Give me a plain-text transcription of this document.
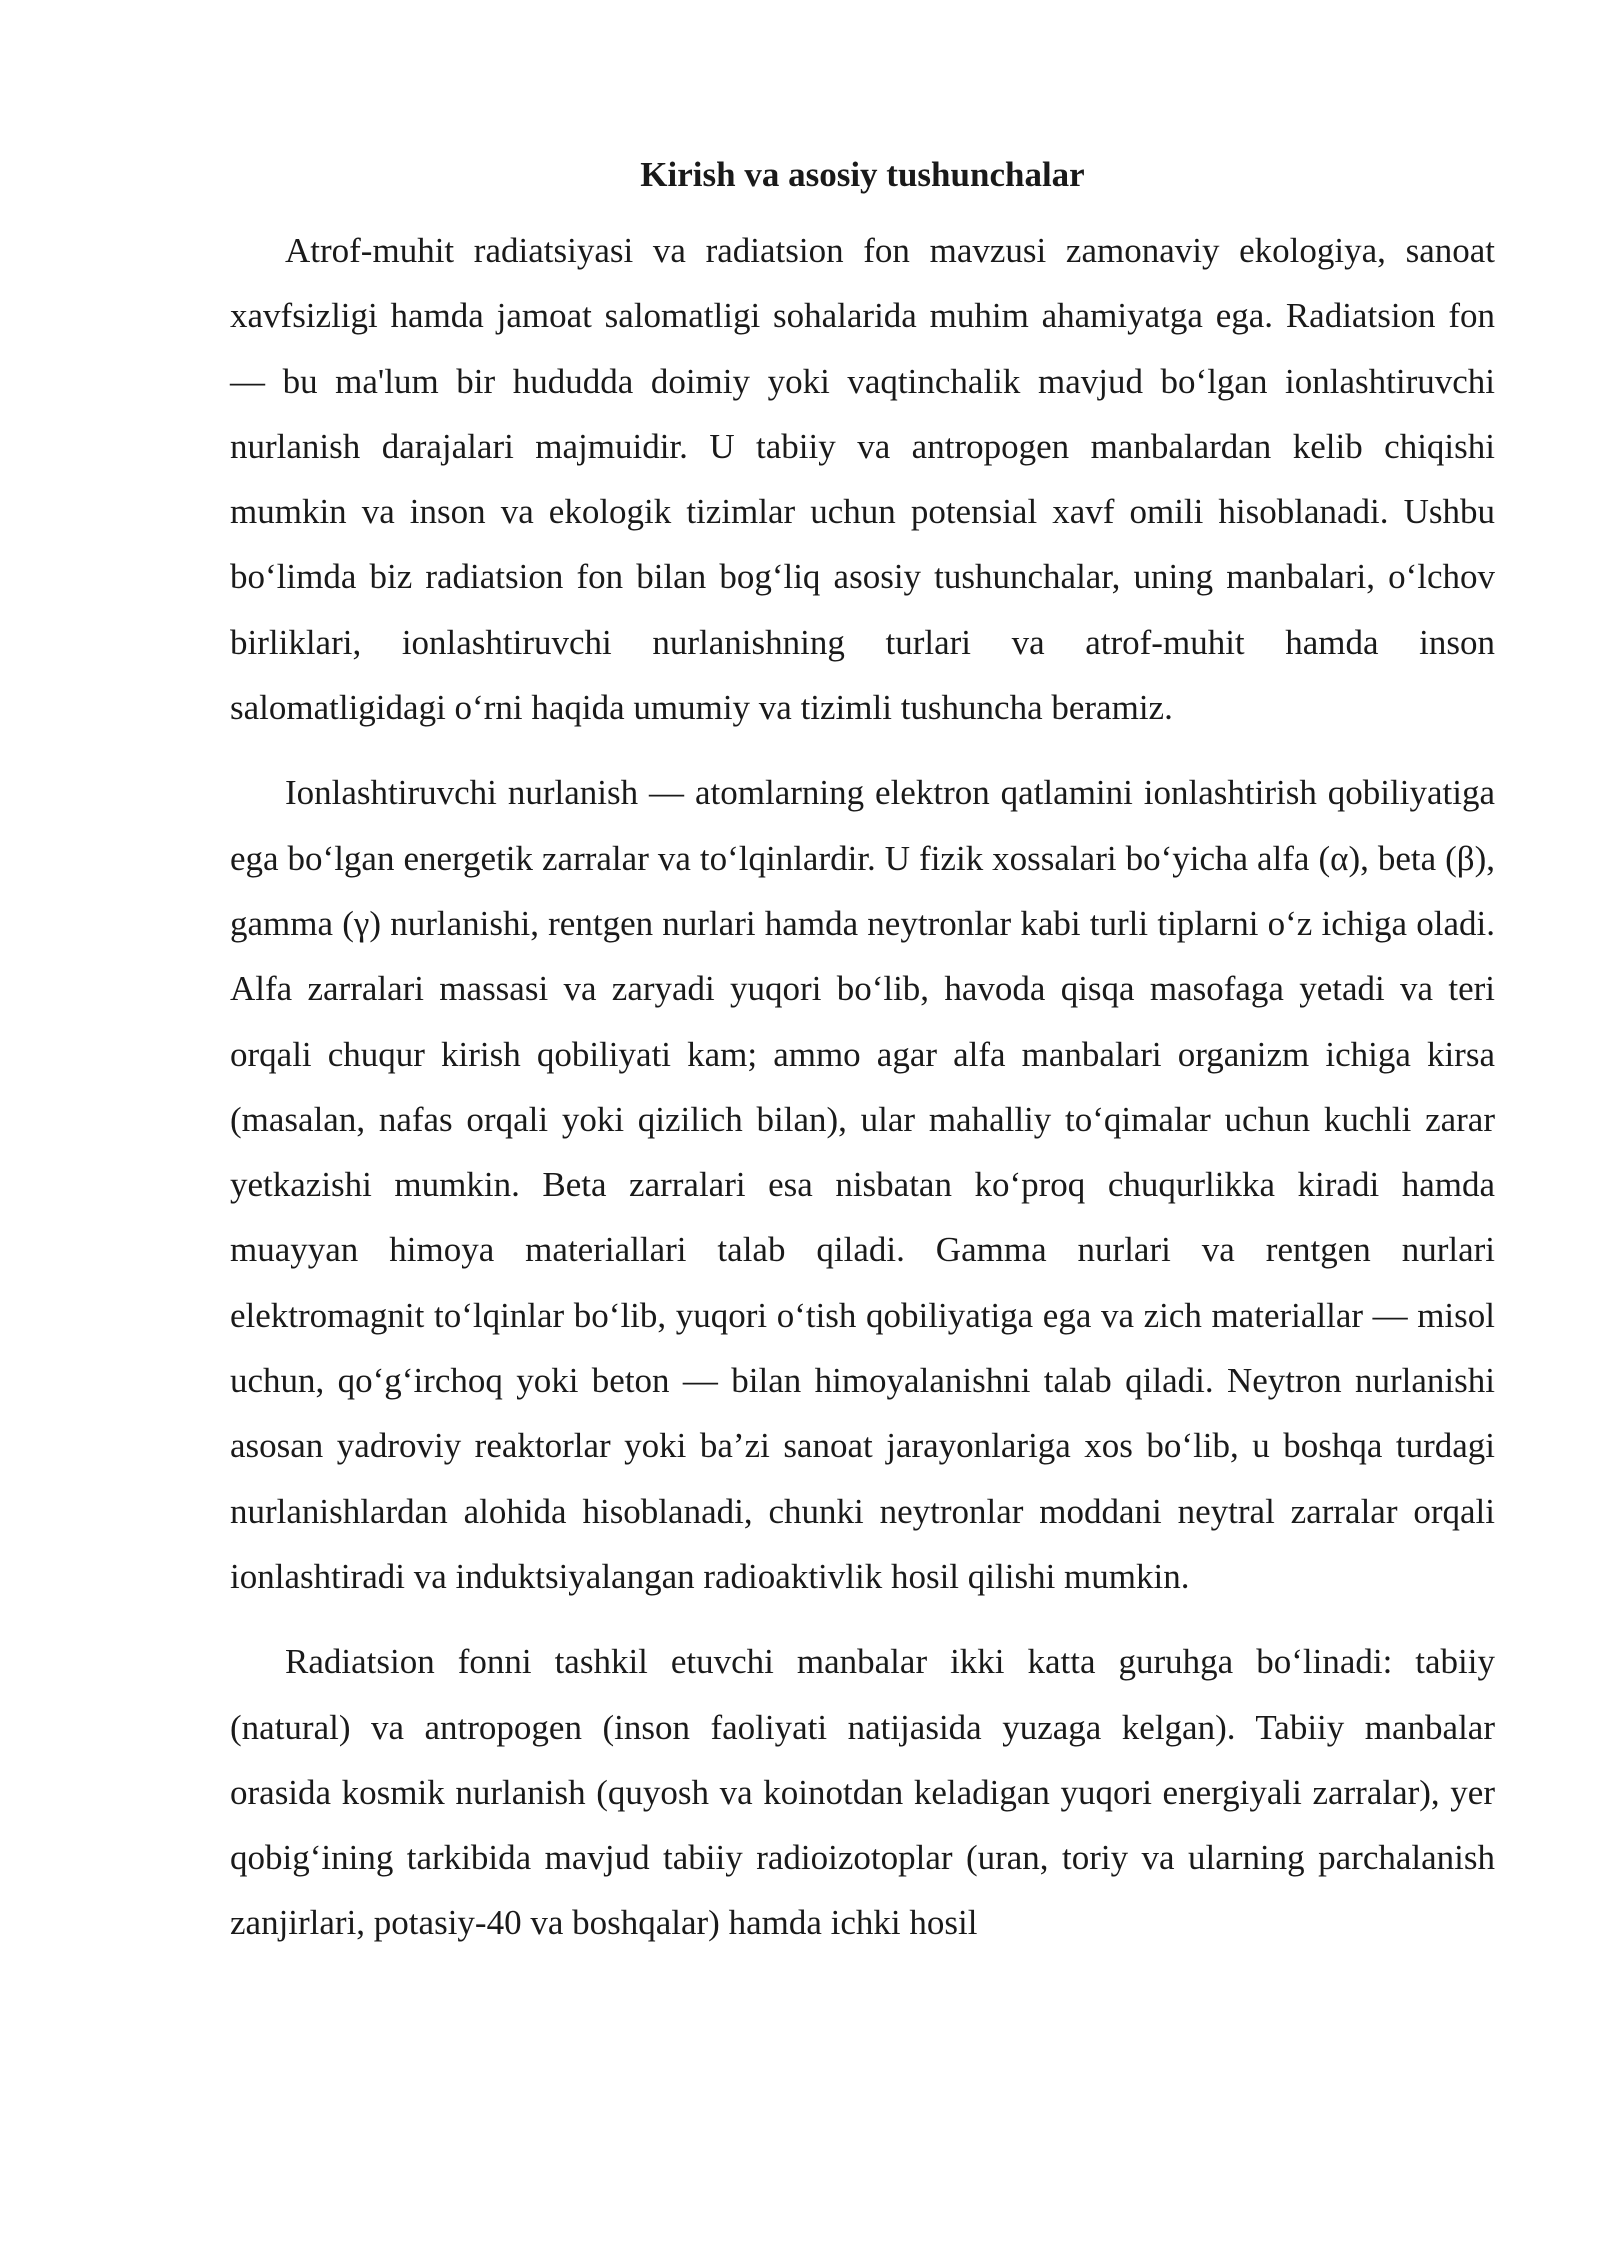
Kirish va asosiy tushunchalar

Atrof-muhit radiatsiyasi va radiatsion fon mavzusi zamonaviy ekologiya, sanoat xavfsizligi hamda jamoat salomatligi sohalarida muhim ahamiyatga ega. Radiatsion fon — bu ma'lum bir hududda doimiy yoki vaqtinchalik mavjud bo‘lgan ionlashtiruvchi nurlanish darajalari majmuidir. U tabiiy va antropogen manbalardan kelib chiqishi mumkin va inson va ekologik tizimlar uchun potensial xavf omili hisoblanadi. Ushbu bo‘limda biz radiatsion fon bilan bog‘liq asosiy tushunchalar, uning manbalari, o‘lchov birliklari, ionlashtiruvchi nurlanishning turlari va atrof-muhit hamda inson salomatligidagi o‘rni haqida umumiy va tizimli tushuncha beramiz.

Ionlashtiruvchi nurlanish — atomlarning elektron qatlamini ionlashtirish qobiliyatiga ega bo‘lgan energetik zarralar va to‘lqinlardir. U fizik xossalari bo‘yicha alfa (α), beta (β), gamma (γ) nurlanishi, rentgen nurlari hamda neytronlar kabi turli tiplarni o‘z ichiga oladi. Alfa zarralari massasi va zaryadi yuqori bo‘lib, havoda qisqa masofaga yetadi va teri orqali chuqur kirish qobiliyati kam; ammo agar alfa manbalari organizm ichiga kirsa (masalan, nafas orqali yoki qizilich bilan), ular mahalliy to‘qimalar uchun kuchli zarar yetkazishi mumkin. Beta zarralari esa nisbatan ko‘proq chuqurlikka kiradi hamda muayyan himoya materiallari talab qiladi. Gamma nurlari va rentgen nurlari elektromagnit to‘lqinlar bo‘lib, yuqori o‘tish qobiliyatiga ega va zich materiallar — misol uchun, qo‘g‘irchoq yoki beton — bilan himoyalanishni talab qiladi. Neytron nurlanishi asosan yadroviy reaktorlar yoki ba’zi sanoat jarayonlariga xos bo‘lib, u boshqa turdagi nurlanishlardan alohida hisoblanadi, chunki neytronlar moddani neytral zarralar orqali ionlashtiradi va induktsiyalangan radioaktivlik hosil qilishi mumkin.

Radiatsion fonni tashkil etuvchi manbalar ikki katta guruhga bo‘linadi: tabiiy (natural) va antropogen (inson faoliyati natijasida yuzaga kelgan). Tabiiy manbalar orasida kosmik nurlanish (quyosh va koinotdan keladigan yuqori energiyali zarralar), yer qobig‘ining tarkibida mavjud tabiiy radioizotoplar (uran, toriy va ularning parchalanish zanjirlari, potasiy-40 va boshqalar) hamda ichki hosil
